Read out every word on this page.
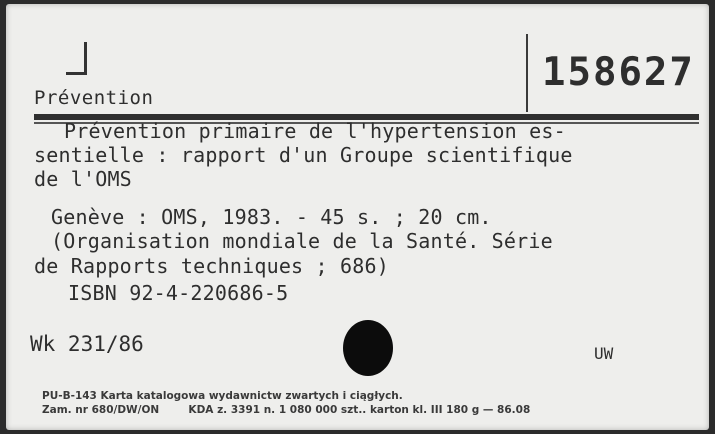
Prévention
158627
Prévention primaire de l'hypertension es-
sentielle : rapport d'un Groupe scientifique
de l'OMS
Genève : OMS, 1983. - 45 s. ; 20 cm.
(Organisation mondiale de la Santé. Série
de Rapports techniques ; 686)
ISBN 92-4-220686-5
Wk 231/86	UW
PU-B-143 Karta katalogowa wydawnictw zwartych i ciągłych.
Zam. nr 680/DW/ON        KDA z. 3391 n. 1 080 000 szt.. karton kl. III 180 g — 86.08
